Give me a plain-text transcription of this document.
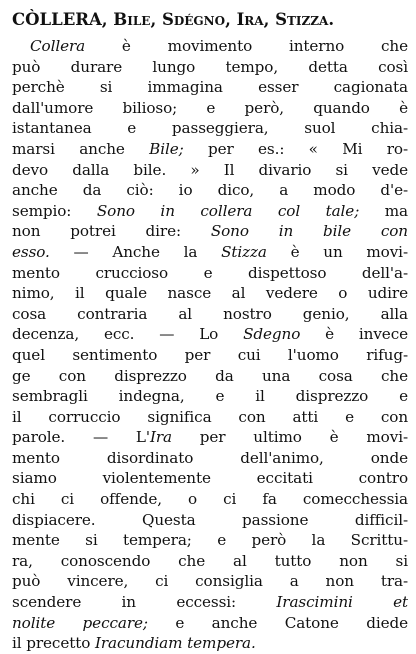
CÒLLERA, Bile, Sdégno, Ira, Stizza.
Collera è movimento interno che
può durare lungo tempo, detta così
perchè si immagina esser cagionata
dall'umore bilioso; e però, quando è
istantanea e passeggiera, suol chia-
marsi anche Bile; per es.: « Mi ro-
devo dalla bile. » Il divario si vede
anche da ciò: io dico, a modo d'e-
sempio: Sono in collera col tale; ma
non potrei dire: Sono in bile con
esso. — Anche la Stizza è un movi-
mento cruccioso e dispettoso dell'a-
nimo, il quale nasce al vedere o udire
cosa contraria al nostro genio, alla
decenza, ecc. — Lo Sdegno è invece
quel sentimento per cui l'uomo rifug-
ge con disprezzo da una cosa che
sembragli indegna, e il disprezzo e
il corruccio significa con atti e con
parole. — L'Ira per ultimo è movi-
mento disordinato dell'animo, onde
siamo violentemente eccitati contro
chi ci offende, o ci fa comecchessia
dispiacere. Questa passione difficil-
mente si tempera; e però la Scrittu-
ra, conoscendo che al tutto non si
può vincere, ci consiglia a non tra-
scendere in eccessi: Irascimini et
nolite peccare; e anche Catone diede
il precetto Iracundiam tempera.
